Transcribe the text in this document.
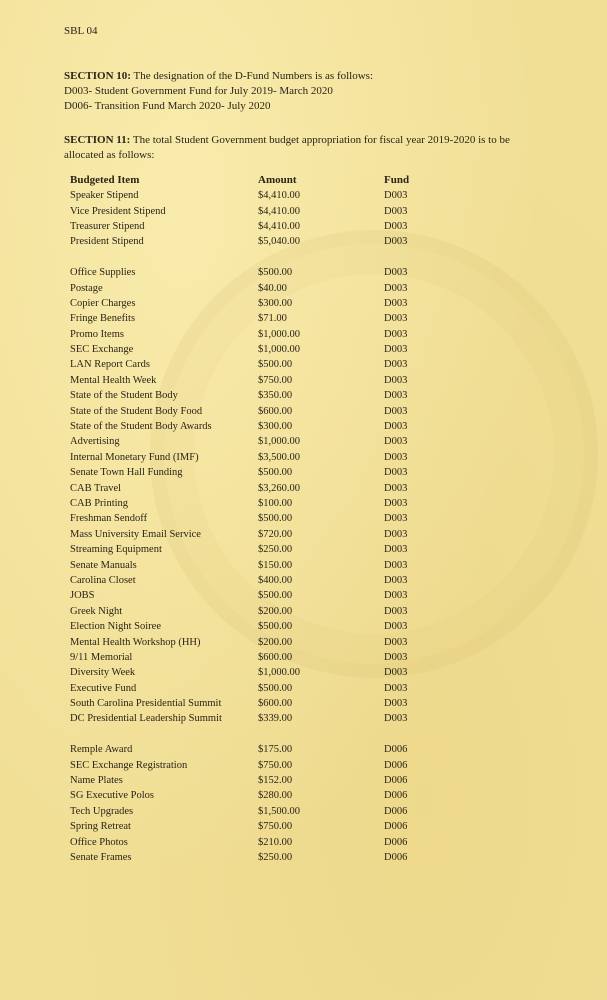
SBL 04
SECTION 10: The designation of the D-Fund Numbers is as follows:
D003- Student Government Fund for July 2019- March 2020
D006- Transition Fund March 2020- July 2020
SECTION 11: The total Student Government budget appropriation for fiscal year 2019-2020 is to be allocated as follows:
Budgeted Item	Amount	Fund
Speaker Stipend	$4,410.00	D003
Vice President Stipend	$4,410.00	D003
Treasurer Stipend	$4,410.00	D003
President Stipend	$5,040.00	D003

Office Supplies	$500.00	D003
Postage	$40.00	D003
Copier Charges	$300.00	D003
Fringe Benefits	$71.00	D003
Promo Items	$1,000.00	D003
SEC Exchange	$1,000.00	D003
LAN Report Cards	$500.00	D003
Mental Health Week	$750.00	D003
State of the Student Body	$350.00	D003
State of the Student Body Food	$600.00	D003
State of the Student Body Awards	$300.00	D003
Advertising	$1,000.00	D003
Internal Monetary Fund (IMF)	$3,500.00	D003
Senate Town Hall Funding	$500.00	D003
CAB Travel	$3,260.00	D003
CAB Printing	$100.00	D003
Freshman Sendoff	$500.00	D003
Mass University Email Service	$720.00	D003
Streaming Equipment	$250.00	D003
Senate Manuals	$150.00	D003
Carolina Closet	$400.00	D003
JOBS	$500.00	D003
Greek Night	$200.00	D003
Election Night Soiree	$500.00	D003
Mental Health Workshop (HH)	$200.00	D003
9/11 Memorial	$600.00	D003
Diversity Week	$1,000.00	D003
Executive Fund	$500.00	D003
South Carolina Presidential Summit	$600.00	D003
DC Presidential Leadership Summit	$339.00	D003

Remple Award	$175.00	D006
SEC Exchange Registration	$750.00	D006
Name Plates	$152.00	D006
SG Executive Polos	$280.00	D006
Tech Upgrades	$1,500.00	D006
Spring Retreat	$750.00	D006
Office Photos	$210.00	D006
Senate Frames	$250.00	D006
